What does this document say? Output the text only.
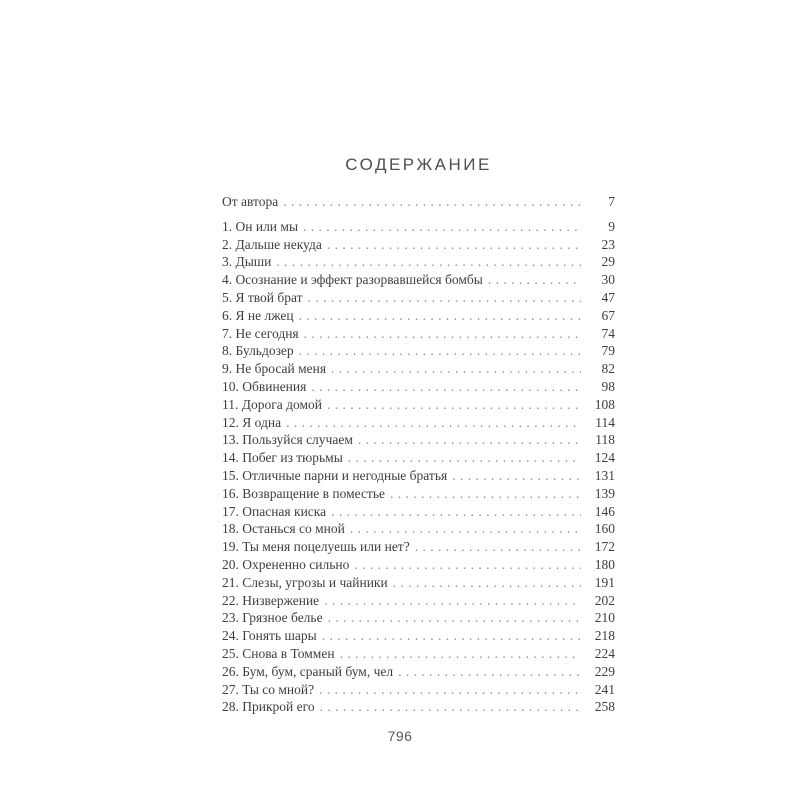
СОДЕРЖАНИЕ
От автора . . .	7
1. Он или мы . . .	9
2. Дальше некуда . . .	23
3. Дыши . . .	29
4. Осознание и эффект разорвавшейся бомбы . . .	30
5. Я твой брат . . .	47
6. Я не лжец . . .	67
7. Не сегодня . . .	74
8. Бульдозер . . .	79
9. Не бросай меня . . .	82
10. Обвинения . . .	98
11. Дорога домой . . .	108
12. Я одна . . .	114
13. Пользуйся случаем . . .	118
14. Побег из тюрьмы . . .	124
15. Отличные парни и негодные братья . . .	131
16. Возвращение в поместье . . .	139
17. Опасная киска . . .	146
18. Останься со мной . . .	160
19. Ты меня поцелуешь или нет? . . .	172
20. Охрененно сильно . . .	180
21. Слезы, угрозы и чайники . . .	191
22. Низвержение . . .	202
23. Грязное белье . . .	210
24. Гонять шары . . .	218
25. Снова в Томмен . . .	224
26. Бум, бум, сраный бум, чел . . .	229
27. Ты со мной? . . .	241
28. Прикрой его . . .	258
796
